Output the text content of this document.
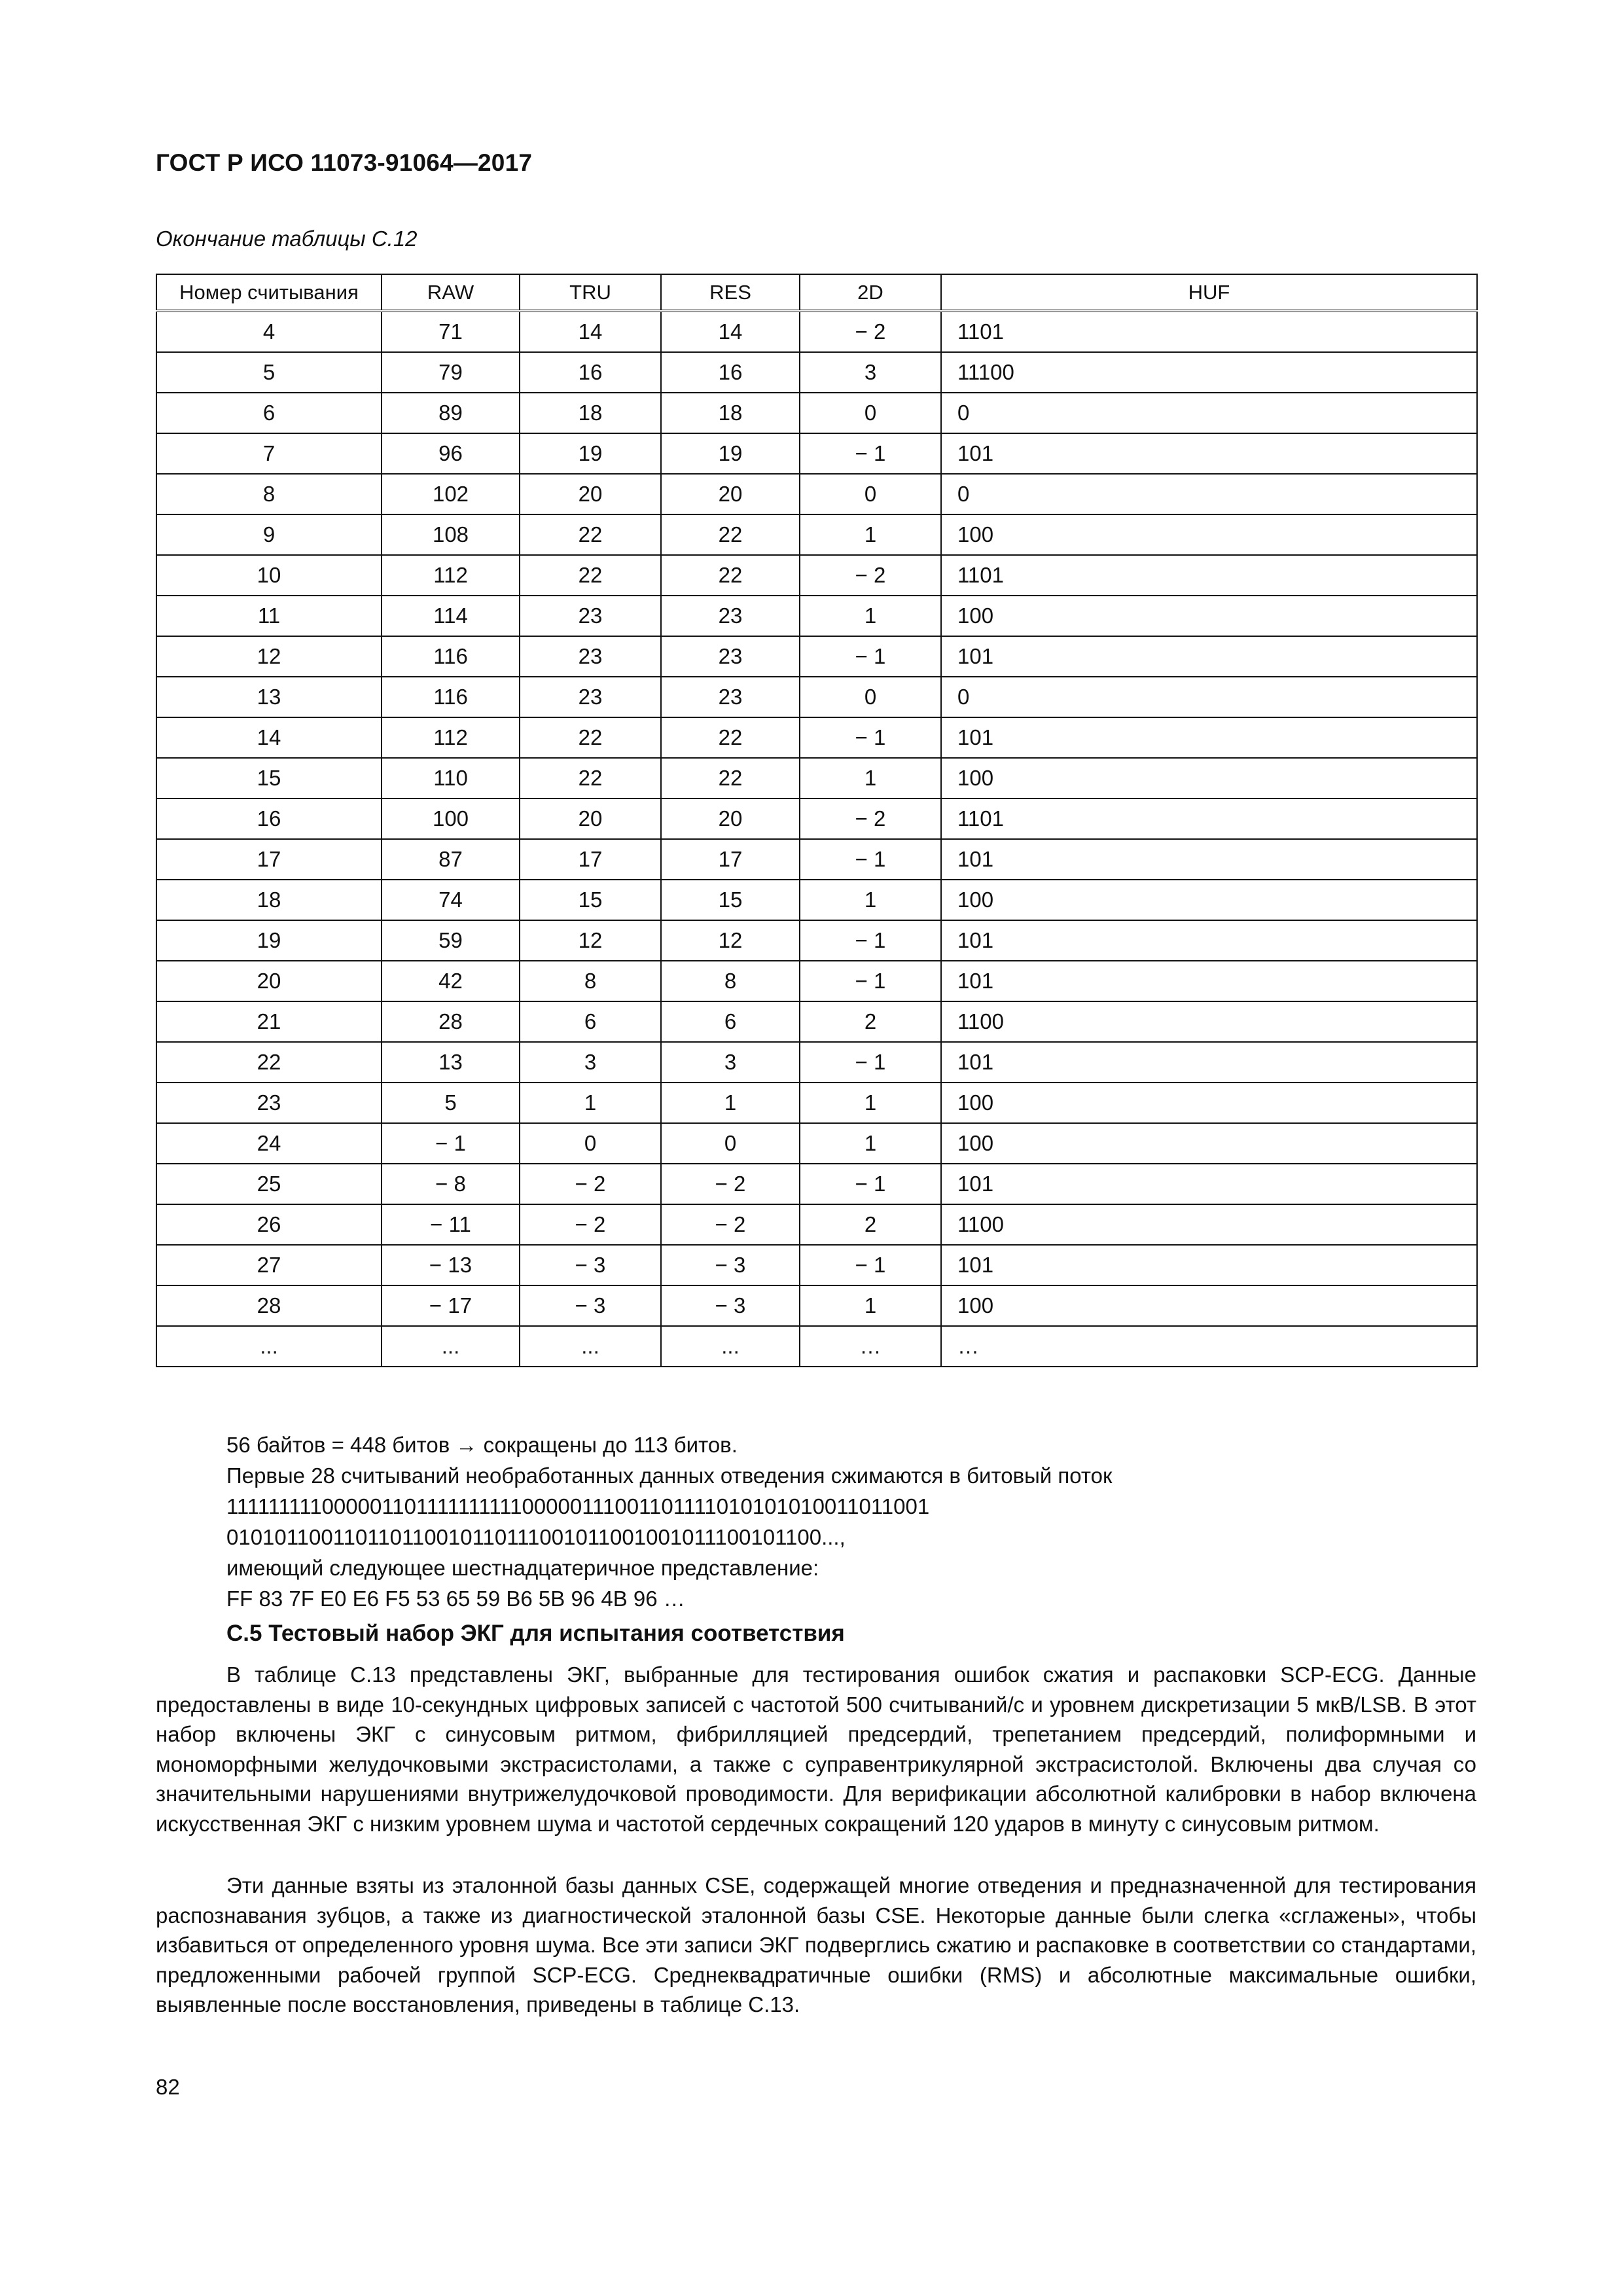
ГОСТ Р ИСО 11073-91064—2017
Окончание таблицы С.12
Номер считывания	RAW	TRU	RES	2D	HUF
4	71	14	14	− 2	1101
5	79	16	16	3	11100
6	89	18	18	0	0
7	96	19	19	− 1	101
8	102	20	20	0	0
9	108	22	22	1	100
10	112	22	22	− 2	1101
11	114	23	23	1	100
12	116	23	23	− 1	101
13	116	23	23	0	0
14	112	22	22	− 1	101
15	110	22	22	1	100
16	100	20	20	− 2	1101
17	87	17	17	− 1	101
18	74	15	15	1	100
19	59	12	12	− 1	101
20	42	8	8	− 1	101
21	28	6	6	2	1100
22	13	3	3	− 1	101
23	5	1	1	1	100
24	− 1	0	0	1	100
25	− 8	− 2	− 2	− 1	101
26	− 11	− 2	− 2	2	1100
27	− 13	− 3	− 3	− 1	101
28	− 17	− 3	− 3	1	100
...	...	...	...	…	…
56 байтов = 448 битов → сокращены до 113 битов.
Первые 28 считываний необработанных данных отведения сжимаются в битовый поток
1111111110000011011111111110000011100110111101010101001101100​1
010101100110110110010110111001011001001011100101100...,
имеющий следующее шестнадцатеричное представление:
FF 83 7F E0 E6 F5 53 65 59 B6 5B 96 4B 96 …
C.5 Тестовый набор ЭКГ для испытания соответствия
В таблице C.13 представлены ЭКГ, выбранные для тестирования ошибок сжатия и распаковки SCP-ECG. Данные предоставлены в виде 10-секундных цифровых записей с частотой 500 считываний/с и уровнем дискретизации 5 мкВ/LSB. В этот набор включены ЭКГ с синусовым ритмом, фибрилляцией предсердий, трепетанием предсердий, полиформными и мономорфными желудочковыми экстрасистолами, а также с суправентрикулярной экстрасистолой. Включены два случая со значительными нарушениями внутрижелудочковой проводимости. Для верификации абсолютной калибровки в набор включена искусственная ЭКГ с низким уровнем шума и частотой сердечных сокращений 120 ударов в минуту с синусовым ритмом.
Эти данные взяты из эталонной базы данных CSE, содержащей многие отведения и предназначенной для тестирования распознавания зубцов, а также из диагностической эталонной базы CSE. Некоторые данные были слегка «сглажены», чтобы избавиться от определенного уровня шума. Все эти записи ЭКГ подверглись сжатию и распаковке в соответствии со стандартами, предложенными рабочей группой SCP-ECG. Среднеквадратичные ошибки (RMS) и абсолютные максимальные ошибки, выявленные после восстановления, приведены в таблице C.13.
82
